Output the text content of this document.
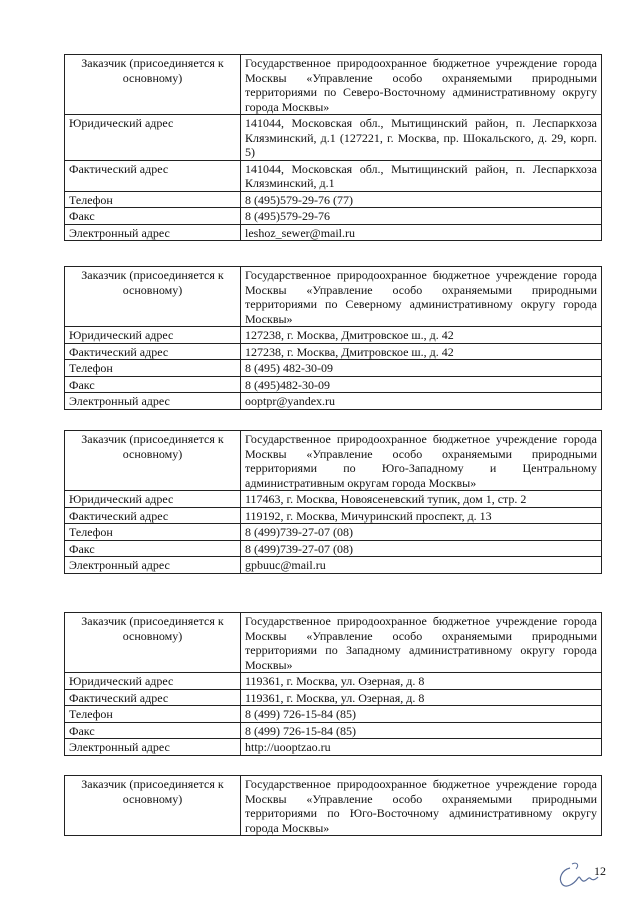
Заказчик (присоединяется к основному)	Государственное природоохранное бюджетное учреждение города Москвы «Управление особо охраняемыми природными территориями по Северо-Восточному административному округу города Москвы»
Юридический адрес	141044, Московская обл., Мытищинский район, п. Леспаркхоза Клязминский, д.1 (127221, г. Москва, пр. Шокальского, д. 29, корп. 5)
Фактический адрес	141044, Московская обл., Мытищинский район, п. Леспаркхоза Клязминский, д.1
Телефон	8 (495)579-29-76 (77)
Факс	8 (495)579-29-76
Электронный адрес	leshoz_sewer@mail.ru
Заказчик (присоединяется к основному)	Государственное природоохранное бюджетное учреждение города Москвы «Управление особо охраняемыми природными территориями по Северному административному округу города Москвы»
Юридический адрес	127238, г. Москва, Дмитровское ш., д. 42
Фактический адрес	127238, г. Москва, Дмитровское ш., д. 42
Телефон	8 (495) 482-30-09
Факс	8 (495)482-30-09
Электронный адрес	ooptpr@yandex.ru
Заказчик (присоединяется к основному)	Государственное природоохранное бюджетное учреждение города Москвы «Управление особо охраняемыми природными территориями по Юго-Западному и Центральному административным округам города Москвы»
Юридический адрес	117463, г. Москва, Новоясеневский тупик, дом 1, стр. 2
Фактический адрес	119192, г. Москва, Мичуринский проспект, д. 13
Телефон	8 (499)739-27-07 (08)
Факс	8 (499)739-27-07 (08)
Электронный адрес	gpbuuc@mail.ru
Заказчик (присоединяется к основному)	Государственное природоохранное бюджетное учреждение города Москвы «Управление особо охраняемыми природными территориями по Западному административному округу города Москвы»
Юридический адрес	119361, г. Москва, ул. Озерная, д. 8
Фактический адрес	119361, г. Москва, ул. Озерная, д. 8
Телефон	8 (499) 726-15-84 (85)
Факс	8 (499) 726-15-84 (85)
Электронный адрес	http://uooptzao.ru
Заказчик (присоединяется к основному)	Государственное природоохранное бюджетное учреждение города Москвы «Управление особо охраняемыми природными территориями по Юго-Восточному административному округу города Москвы»
12
